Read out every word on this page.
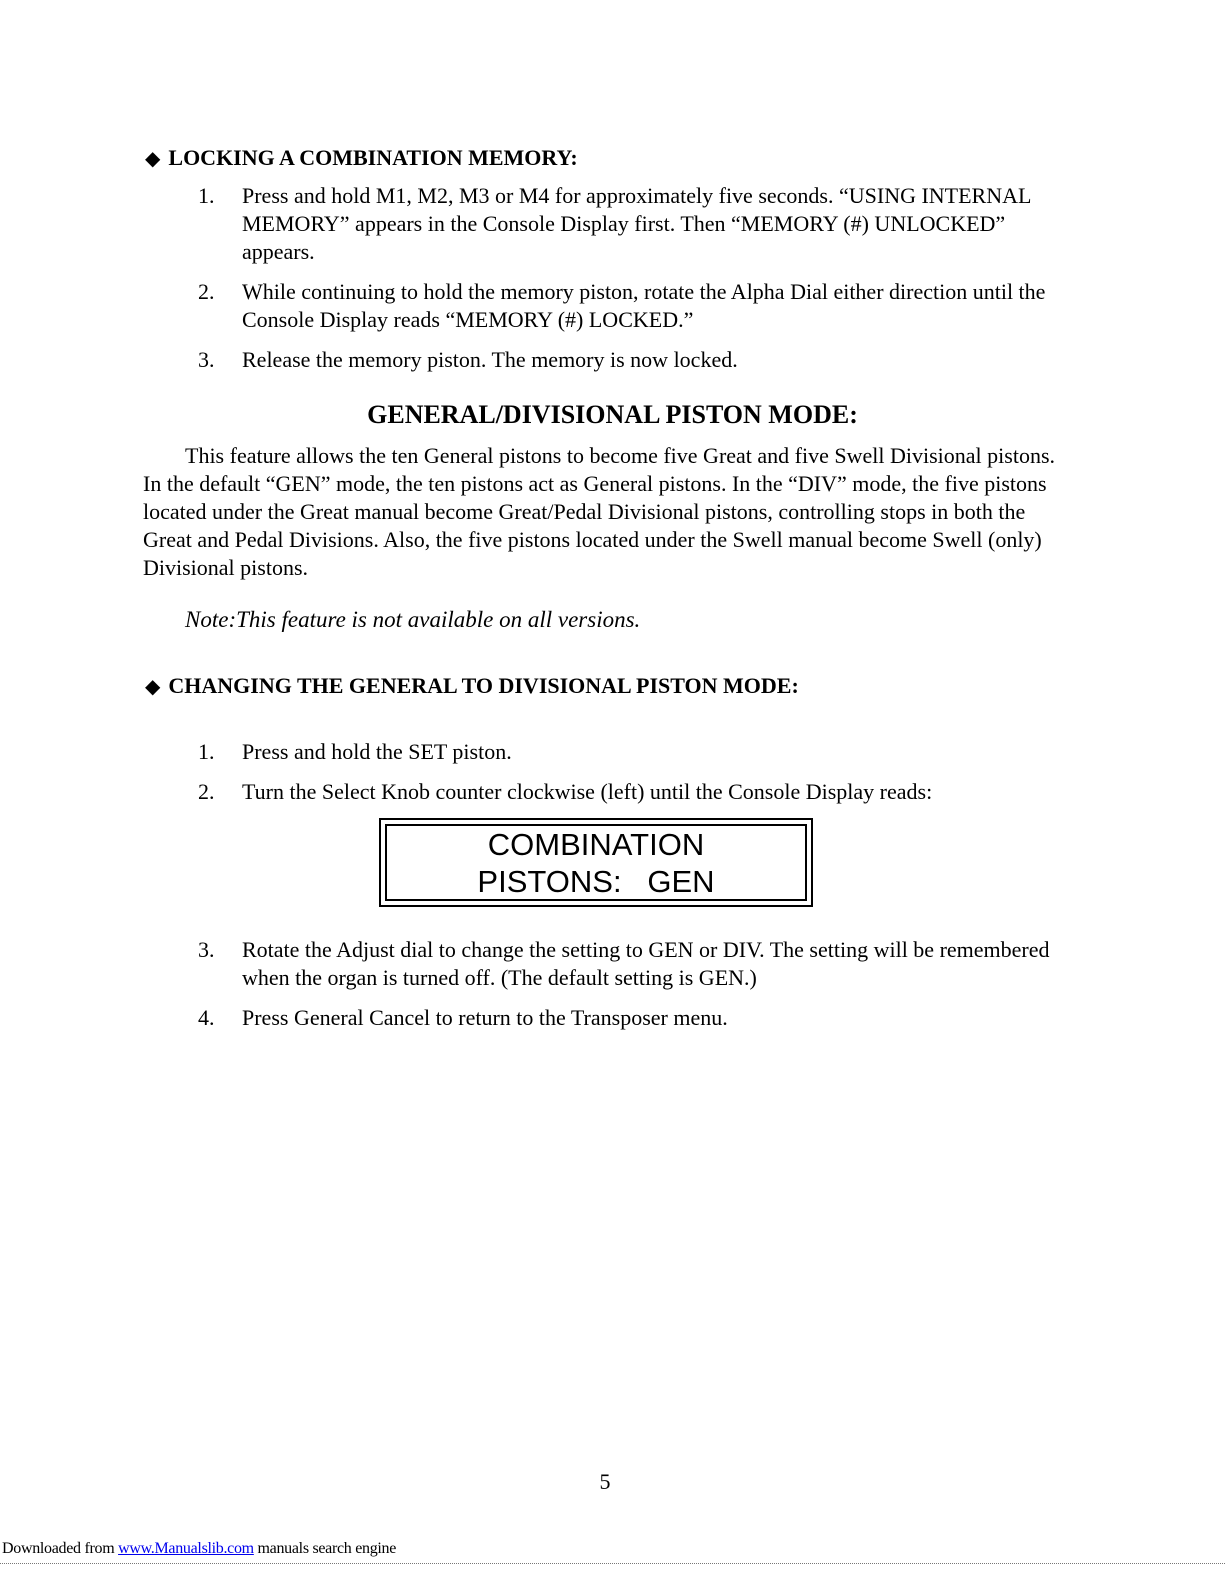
◆ LOCKING A COMBINATION MEMORY:
1.	Press and hold M1, M2, M3 or M4 for approximately five seconds. “USING INTERNAL MEMORY” appears in the Console Display first. Then “MEMORY (#) UNLOCKED” appears.
2.	While continuing to hold the memory piston, rotate the Alpha Dial either direction until the Console Display reads “MEMORY (#) LOCKED.”
3.	Release the memory piston. The memory is now locked.
GENERAL/DIVISIONAL PISTON MODE:
This feature allows the ten General pistons to become five Great and five Swell Divisional pistons. In the default “GEN” mode, the ten pistons act as General pistons. In the “DIV” mode, the five pistons located under the Great manual become Great/Pedal Divisional pistons, controlling stops in both the Great and Pedal Divisions. Also, the five pistons located under the Swell manual become Swell (only) Divisional pistons.
Note:This feature is not available on all versions.
◆ CHANGING THE GENERAL TO DIVISIONAL PISTON MODE:
1.	Press and hold the SET piston.
2.	Turn the Select Knob counter clockwise (left) until the Console Display reads:
COMBINATION
PISTONS:   GEN
3.	Rotate the Adjust dial to change the setting to GEN or DIV. The setting will be remembered when the organ is turned off. (The default setting is GEN.)
4.	Press General Cancel to return to the Transposer menu.
5
Downloaded from www.Manualslib.com manuals search engine
